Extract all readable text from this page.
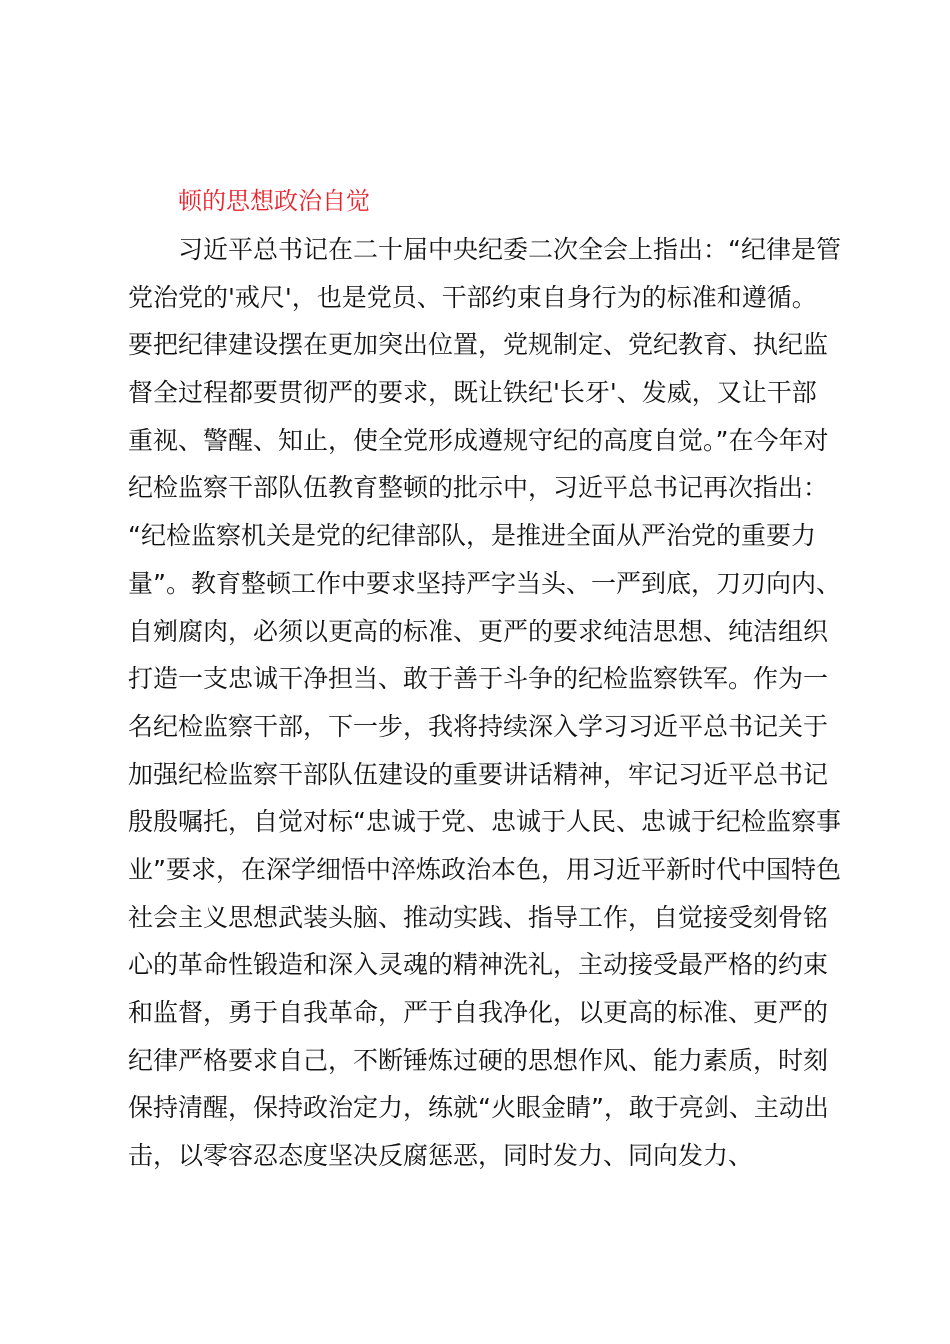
顿的思想政治自觉
习近平总书记在二十届中央纪委二次全会上指出：“纪律是管
党治党的'戒尺'，也是党员、干部约束自身行为的标准和遵循。
要把纪律建设摆在更加突出位置，党规制定、党纪教育、执纪监
督全过程都要贯彻严的要求，既让铁纪'长牙'、发威，又让干部
重视、警醒、知止，使全党形成遵规守纪的高度自觉。”在今年对
纪检监察干部队伍教育整顿的批示中，习近平总书记再次指出：
“纪检监察机关是党的纪律部队，是推进全面从严治党的重要力
量”。教育整顿工作中要求坚持严字当头、一严到底，刀刃向内、
自剜腐肉，必须以更高的标准、更严的要求纯洁思想、纯洁组织
打造一支忠诚干净担当、敢于善于斗争的纪检监察铁军。作为一
名纪检监察干部，下一步，我将持续深入学习习近平总书记关于
加强纪检监察干部队伍建设的重要讲话精神，牢记习近平总书记
殷殷嘱托，自觉对标“忠诚于党、忠诚于人民、忠诚于纪检监察事
业”要求，在深学细悟中淬炼政治本色，用习近平新时代中国特色
社会主义思想武装头脑、推动实践、指导工作，自觉接受刻骨铭
心的革命性锻造和深入灵魂的精神洗礼，主动接受最严格的约束
和监督，勇于自我革命，严于自我净化，以更高的标准、更严的
纪律严格要求自己，不断锤炼过硬的思想作风、能力素质，时刻
保持清醒，保持政治定力，练就“火眼金睛”，敢于亮剑、主动出
击，以零容忍态度坚决反腐惩恶，同时发力、同向发力、
